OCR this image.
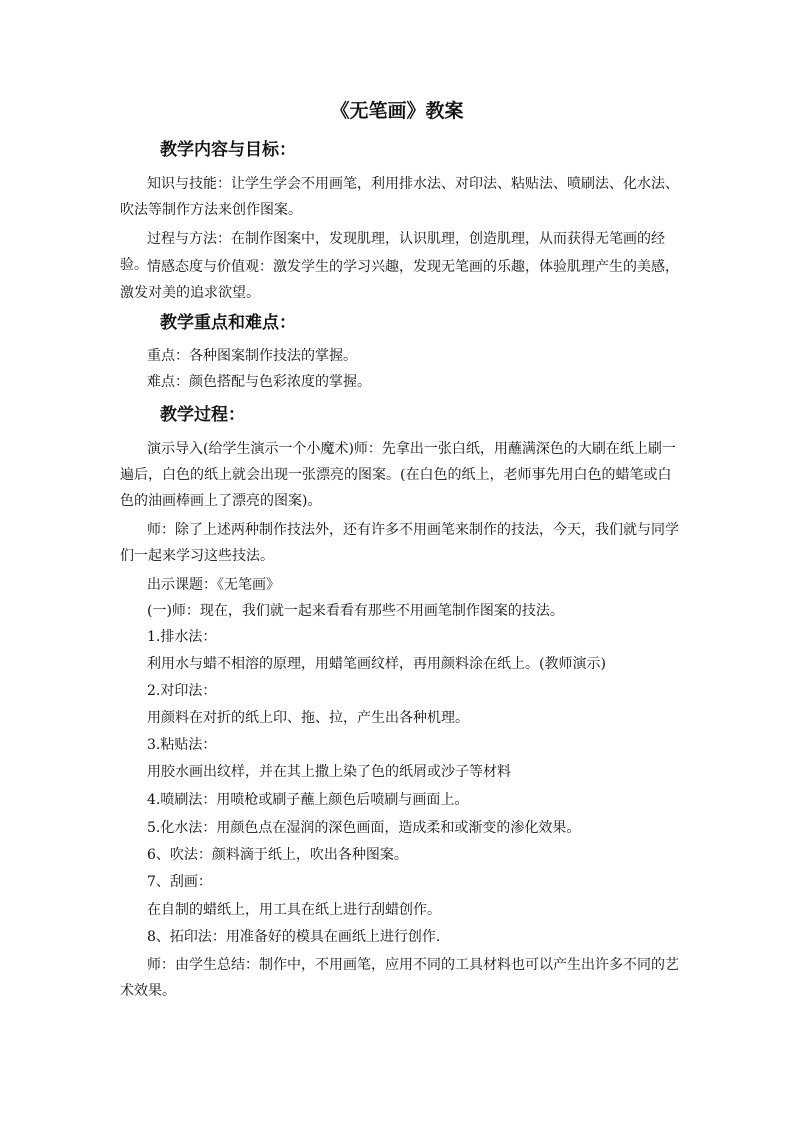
《无笔画》教案
教学内容与目标：

知识与技能：让学生学会不用画笔，利用排水法、对印法、粘贴法、喷刷法、化水法、吹法等制作方法来创作图案。

过程与方法：在制作图案中，发现肌理，认识肌理，创造肌理，从而获得无笔画的经验。 情感态度与价值观：激发学生的学习兴趣，发现无笔画的乐趣，体验肌理产生的美感，激发对美的追求欲望。

教学重点和难点：

重点：各种图案制作技法的掌握。

难点：颜色搭配与色彩浓度的掌握。

教学过程：

演示导入(给学生演示一个小魔术)师：先拿出一张白纸，用蘸满深色的大刷在纸上刷一遍后，白色的纸上就会出现一张漂亮的图案。(在白色的纸上，老师事先用白色的蜡笔或白色的油画棒画上了漂亮的图案)。

师：除了上述两种制作技法外，还有许多不用画笔来制作的技法，今天，我们就与同学们一起来学习这些技法。

出示课题：《无笔画》

(一)师：现在，我们就一起来看看有那些不用画笔制作图案的技法。

1.排水法：

利用水与蜡不相溶的原理，用蜡笔画纹样，再用颜料涂在纸上。(教师演示)

2.对印法：

用颜料在对折的纸上印、拖、拉，产生出各种机理。

3.粘贴法：

用胶水画出纹样，并在其上撒上染了色的纸屑或沙子等材料

4.喷刷法：用喷枪或刷子蘸上颜色后喷刷与画面上。

5.化水法：用颜色点在湿润的深色画面，造成柔和或渐变的渗化效果。

6、吹法：颜料滴于纸上，吹出各种图案。

7、刮画：

在自制的蜡纸上，用工具在纸上进行刮蜡创作。

8、拓印法：用准备好的模具在画纸上进行创作.

师：由学生总结：制作中，不用画笔，应用不同的工具材料也可以产生出许多不同的艺术效果。
